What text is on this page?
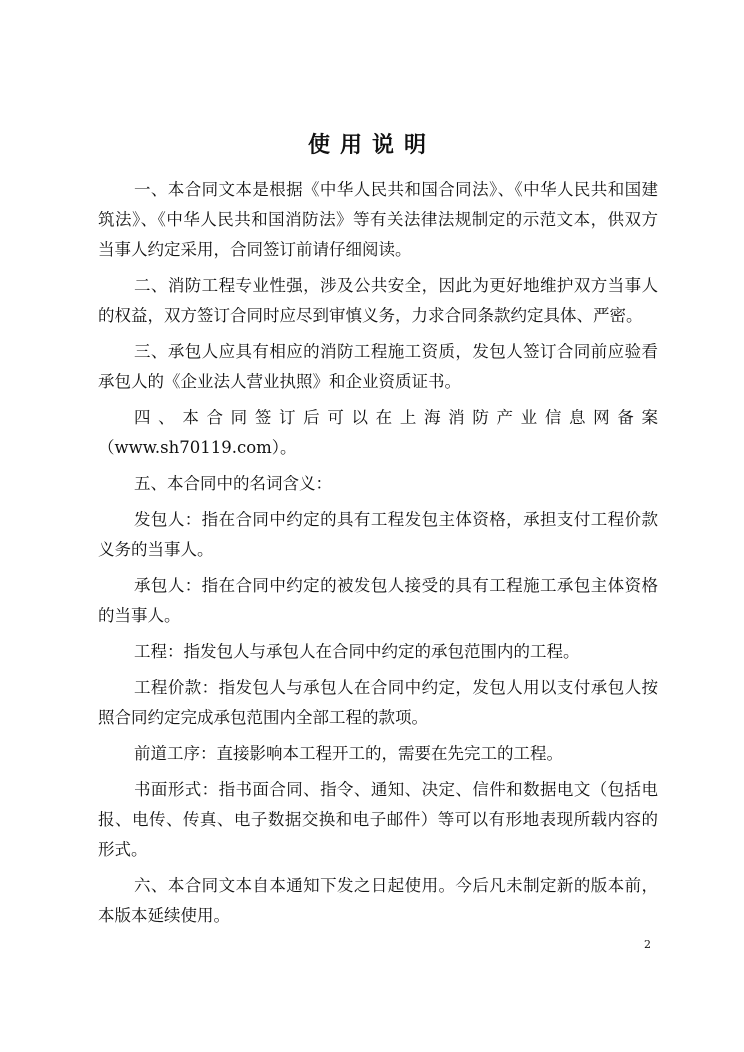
使用说明

一、本合同文本是根据《中华人民共和国合同法》、《中华人民共和国建筑法》、《中华人民共和国消防法》等有关法律法规制定的示范文本，供双方当事人约定采用，合同签订前请仔细阅读。

二、消防工程专业性强，涉及公共安全，因此为更好地维护双方当事人的权益，双方签订合同时应尽到审慎义务，力求合同条款约定具体、严密。

三、承包人应具有相应的消防工程施工资质，发包人签订合同前应验看承包人的《企业法人营业执照》和企业资质证书。

四、本合同签订后可以在上海消防产业信息网备案（www.sh70119.com）。

五、本合同中的名词含义：

发包人：指在合同中约定的具有工程发包主体资格，承担支付工程价款义务的当事人。

承包人：指在合同中约定的被发包人接受的具有工程施工承包主体资格的当事人。

工程：指发包人与承包人在合同中约定的承包范围内的工程。

工程价款：指发包人与承包人在合同中约定，发包人用以支付承包人按照合同约定完成承包范围内全部工程的款项。

前道工序：直接影响本工程开工的，需要在先完工的工程。

书面形式：指书面合同、指令、通知、决定、信件和数据电文（包括电报、电传、传真、电子数据交换和电子邮件）等可以有形地表现所载内容的形式。

六、本合同文本自本通知下发之日起使用。今后凡未制定新的版本前，本版本延续使用。

2
